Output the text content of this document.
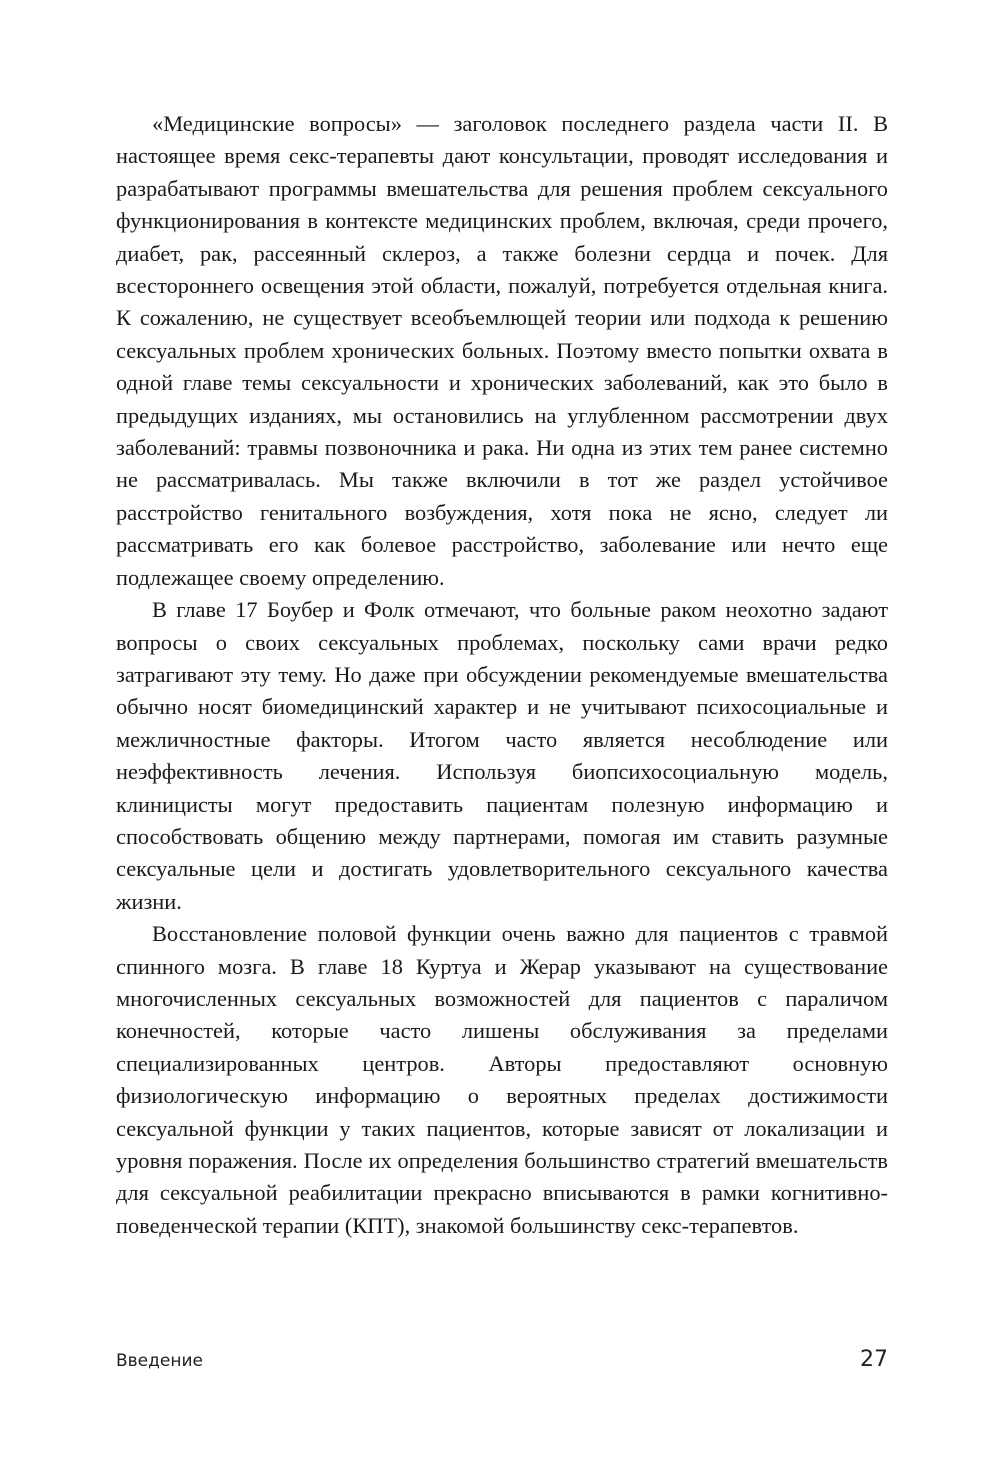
«Медицинские вопросы» — заголовок последнего раздела части II. В настоящее время секс-терапевты дают консультации, проводят исследования и разрабатывают программы вмешательства для решения проблем сексуального функционирования в контексте медицинских проблем, включая, среди прочего, диабет, рак, рассеянный склероз, а также болезни сердца и почек. Для всестороннего освещения этой области, пожалуй, потребуется отдельная книга. К сожалению, не существует всеобъемлющей теории или подхода к решению сексуальных проблем хронических больных. Поэтому вместо попытки охвата в одной главе темы сексуальности и хронических заболеваний, как это было в предыдущих изданиях, мы остановились на углубленном рассмотрении двух заболеваний: травмы позвоночника и рака. Ни одна из этих тем ранее системно не рассматривалась. Мы также включили в тот же раздел устойчивое расстройство генитального возбуждения, хотя пока не ясно, следует ли рассматривать его как болевое расстройство, заболевание или нечто еще подлежащее своему определению.

В главе 17 Боубер и Фолк отмечают, что больные раком неохотно задают вопросы о своих сексуальных проблемах, поскольку сами врачи редко затрагивают эту тему. Но даже при обсуждении рекомендуемые вмешательства обычно носят биомедицинский характер и не учитывают психосоциальные и межличностные факторы. Итогом часто является несоблюдение или неэффективность лечения. Используя биопсихосоциальную модель, клиницисты могут предоставить пациентам полезную информацию и способствовать общению между партнерами, помогая им ставить разумные сексуальные цели и достигать удовлетворительного сексуального качества жизни.

Восстановление половой функции очень важно для пациентов с травмой спинного мозга. В главе 18 Куртуа и Жерар указывают на существование многочисленных сексуальных возможностей для пациентов с параличом конечностей, которые часто лишены обслуживания за пределами специализированных центров. Авторы предоставляют основную физиологическую информацию о вероятных пределах достижимости сексуальной функции у таких пациентов, которые зависят от локализации и уровня поражения. После их определения большинство стратегий вмешательств для сексуальной реабилитации прекрасно вписываются в рамки когнитивно-поведенческой терапии (КПТ), знакомой большинству секс-терапевтов.

Введение	27
